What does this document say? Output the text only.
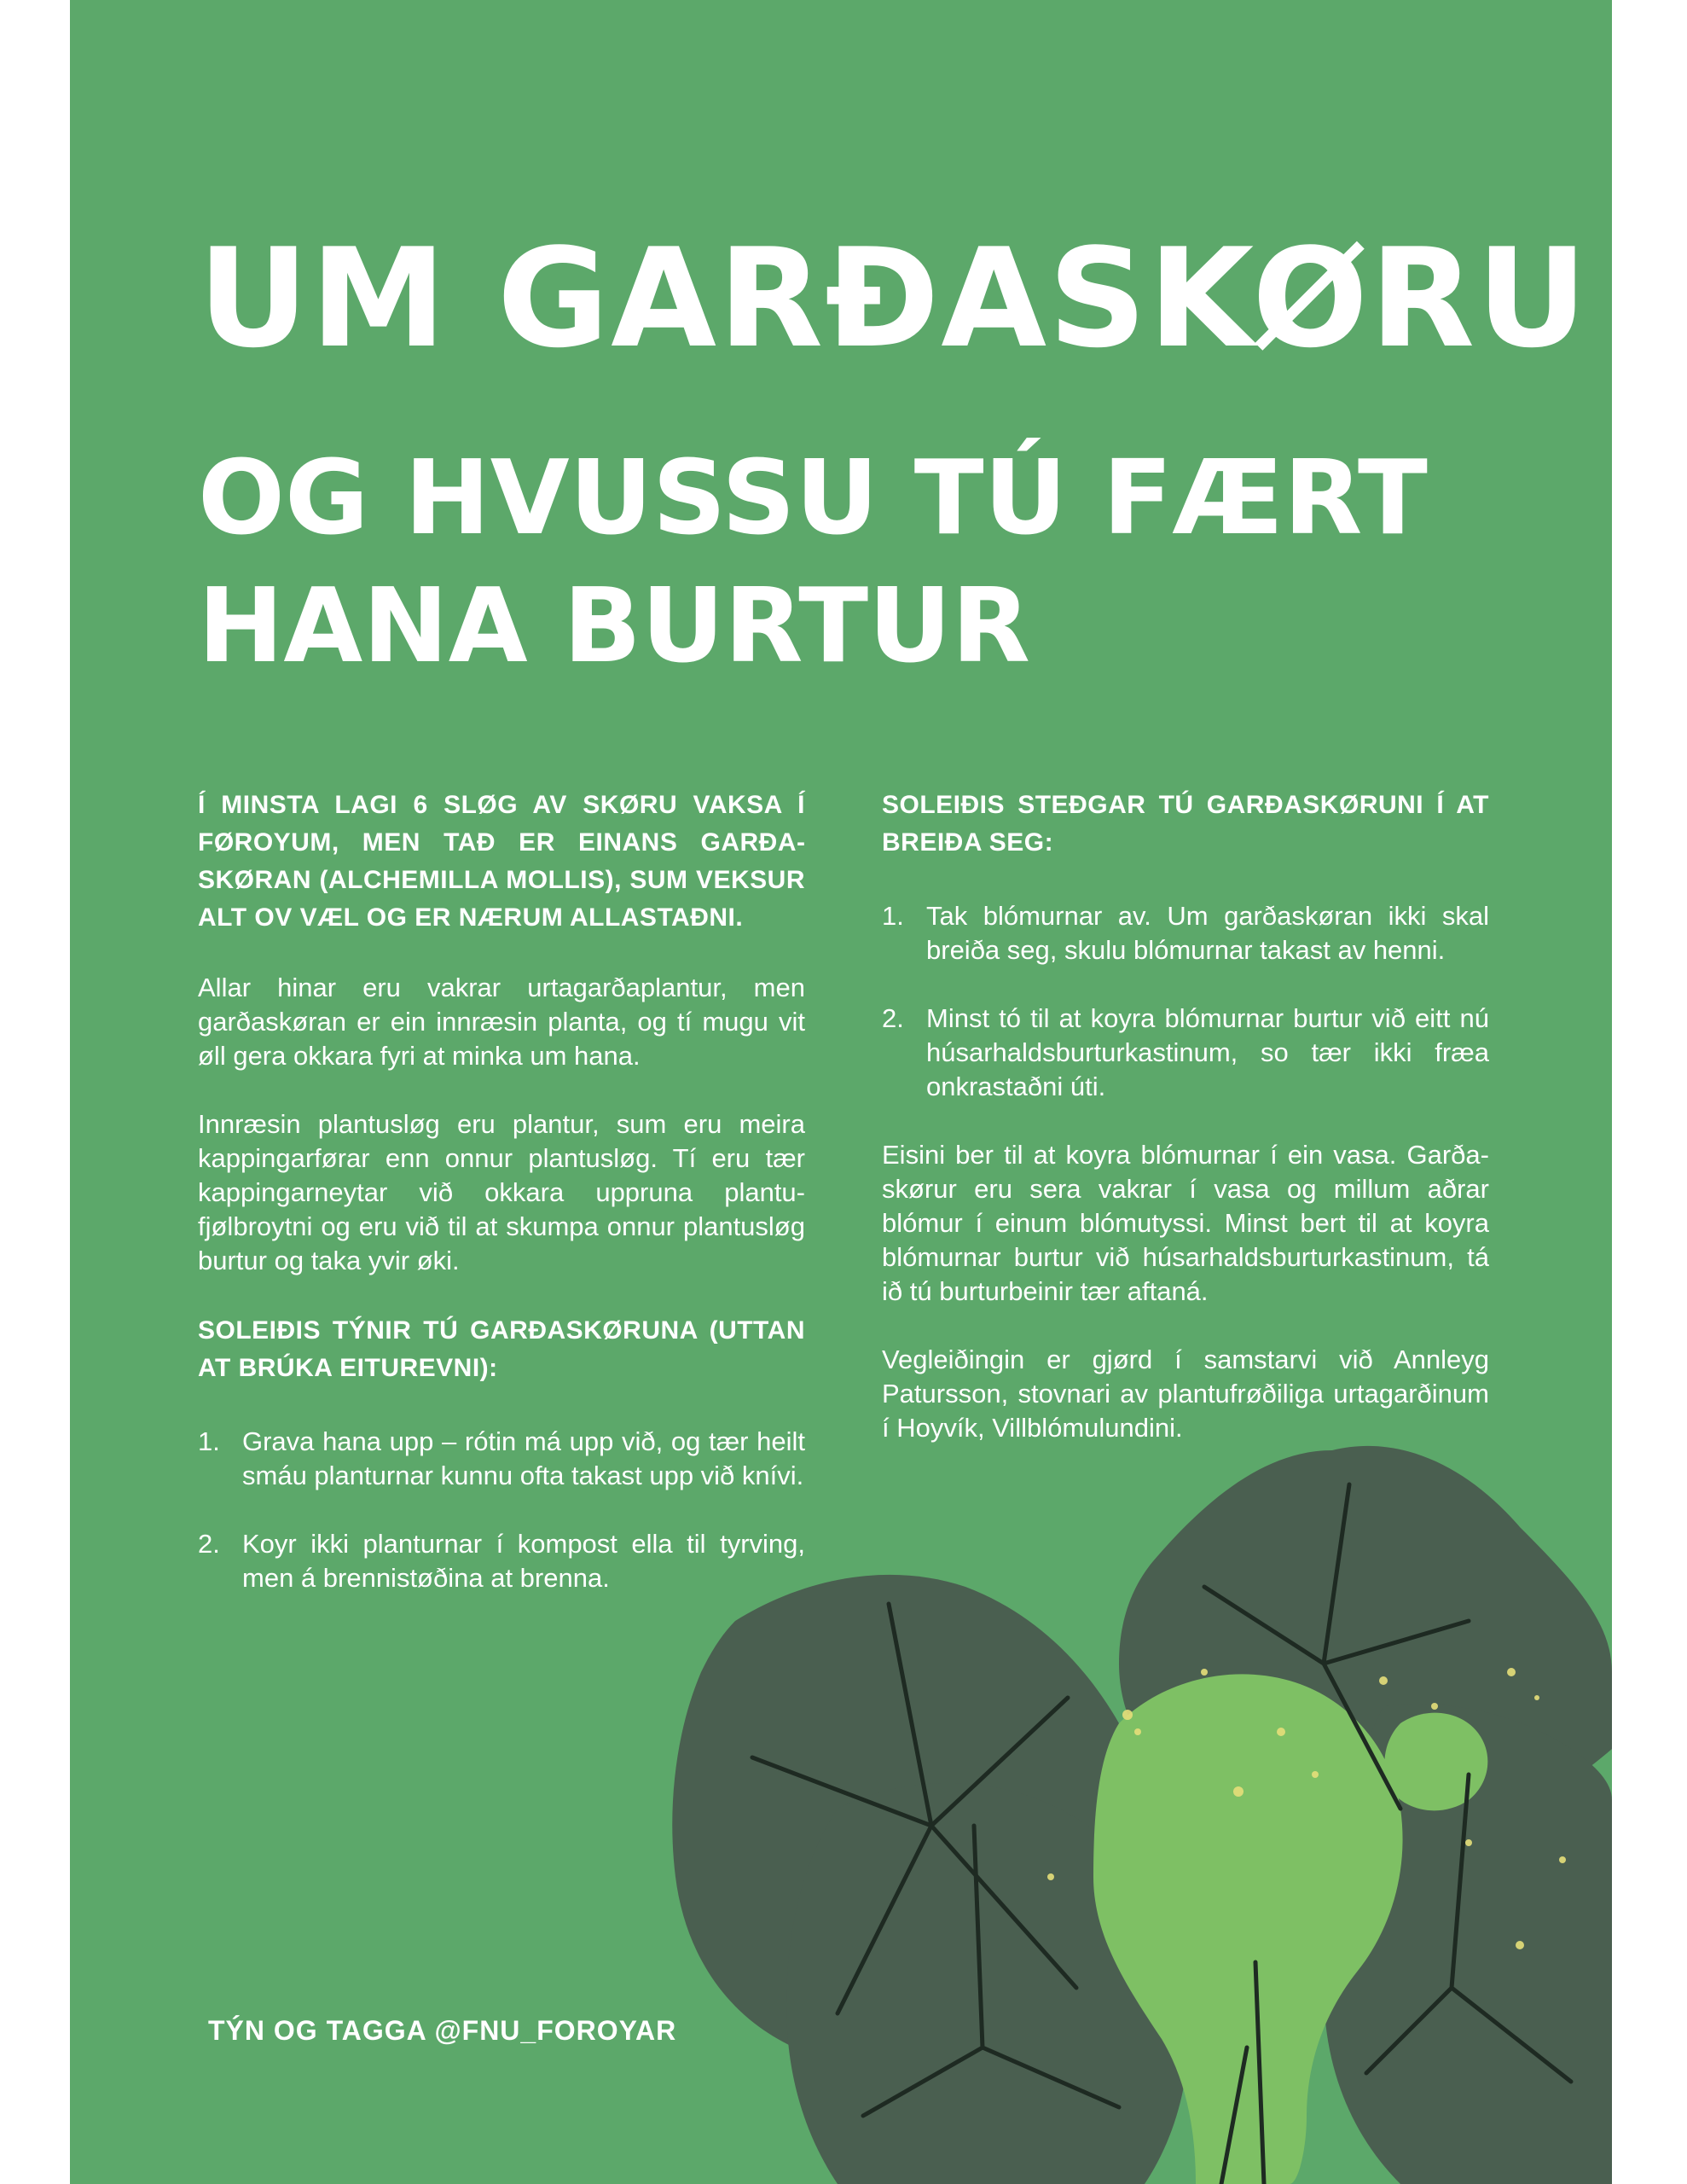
UM GARÐASKØRU
OG HVUSSU TÚ FÆRT HANA BURTUR

Í MINSTA LAGI 6 SLØG AV SKØRU VAKSA Í FØROYUM, MEN TAÐ ER EINANS GARÐASKØRAN (ALCHEMILLA MOLLIS), SUM VEKSUR ALT OV VÆL OG ER NÆRUM ALLASTAÐNI.

Allar hinar eru vakrar urtagarðaplantur, men garðaskøran er ein innræsin planta, og tí mugu vit øll gera okkara fyri at minka um hana.

Innræsin plantusløg eru plantur, sum eru meira kappingarførar enn onnur plantusløg. Tí eru tær kappingarneytar við okkara uppruna plantufjølbroytni og eru við til at skumpa onnur plantusløg burtur og taka yvir øki.

SOLEIÐIS TÝNIR TÚ GARÐASKØRUNA (UTTAN AT BRÚKA EITUREVNI):

1. Grava hana upp – rótin má upp við, og tær heilt smáu planturnar kunnu ofta takast upp við knívi.
2. Koyr ikki planturnar í kompost ella til tyrving, men á brennistøðina at brenna.

SOLEIÐIS STEÐGAR TÚ GARÐASKØRUNI Í AT BREIÐA SEG:

1. Tak blómurnar av. Um garðaskøran ikki skal breiða seg, skulu blómurnar takast av henni.
2. Minst tó til at koyra blómurnar burtur við eitt nú húsarhaldsburturkastinum, so tær ikki fræa onkrastaðni úti.

Eisini ber til at koyra blómurnar í ein vasa. Garðaskørur eru sera vakrar í vasa og millum aðrar blómur í einum blómutyssi. Minst bert til at koyra blómurnar burtur við húsarhaldsburturkastinum, tá ið tú burturbeinir tær aftaná.

Vegleiðingin er gjørd í samstarvi við Annleyg Patursson, stovnari av plantufrøðiliga urtagarðinum í Hoyvík, Villblómulundini.

TÝN OG TAGGA @FNU_FOROYAR
